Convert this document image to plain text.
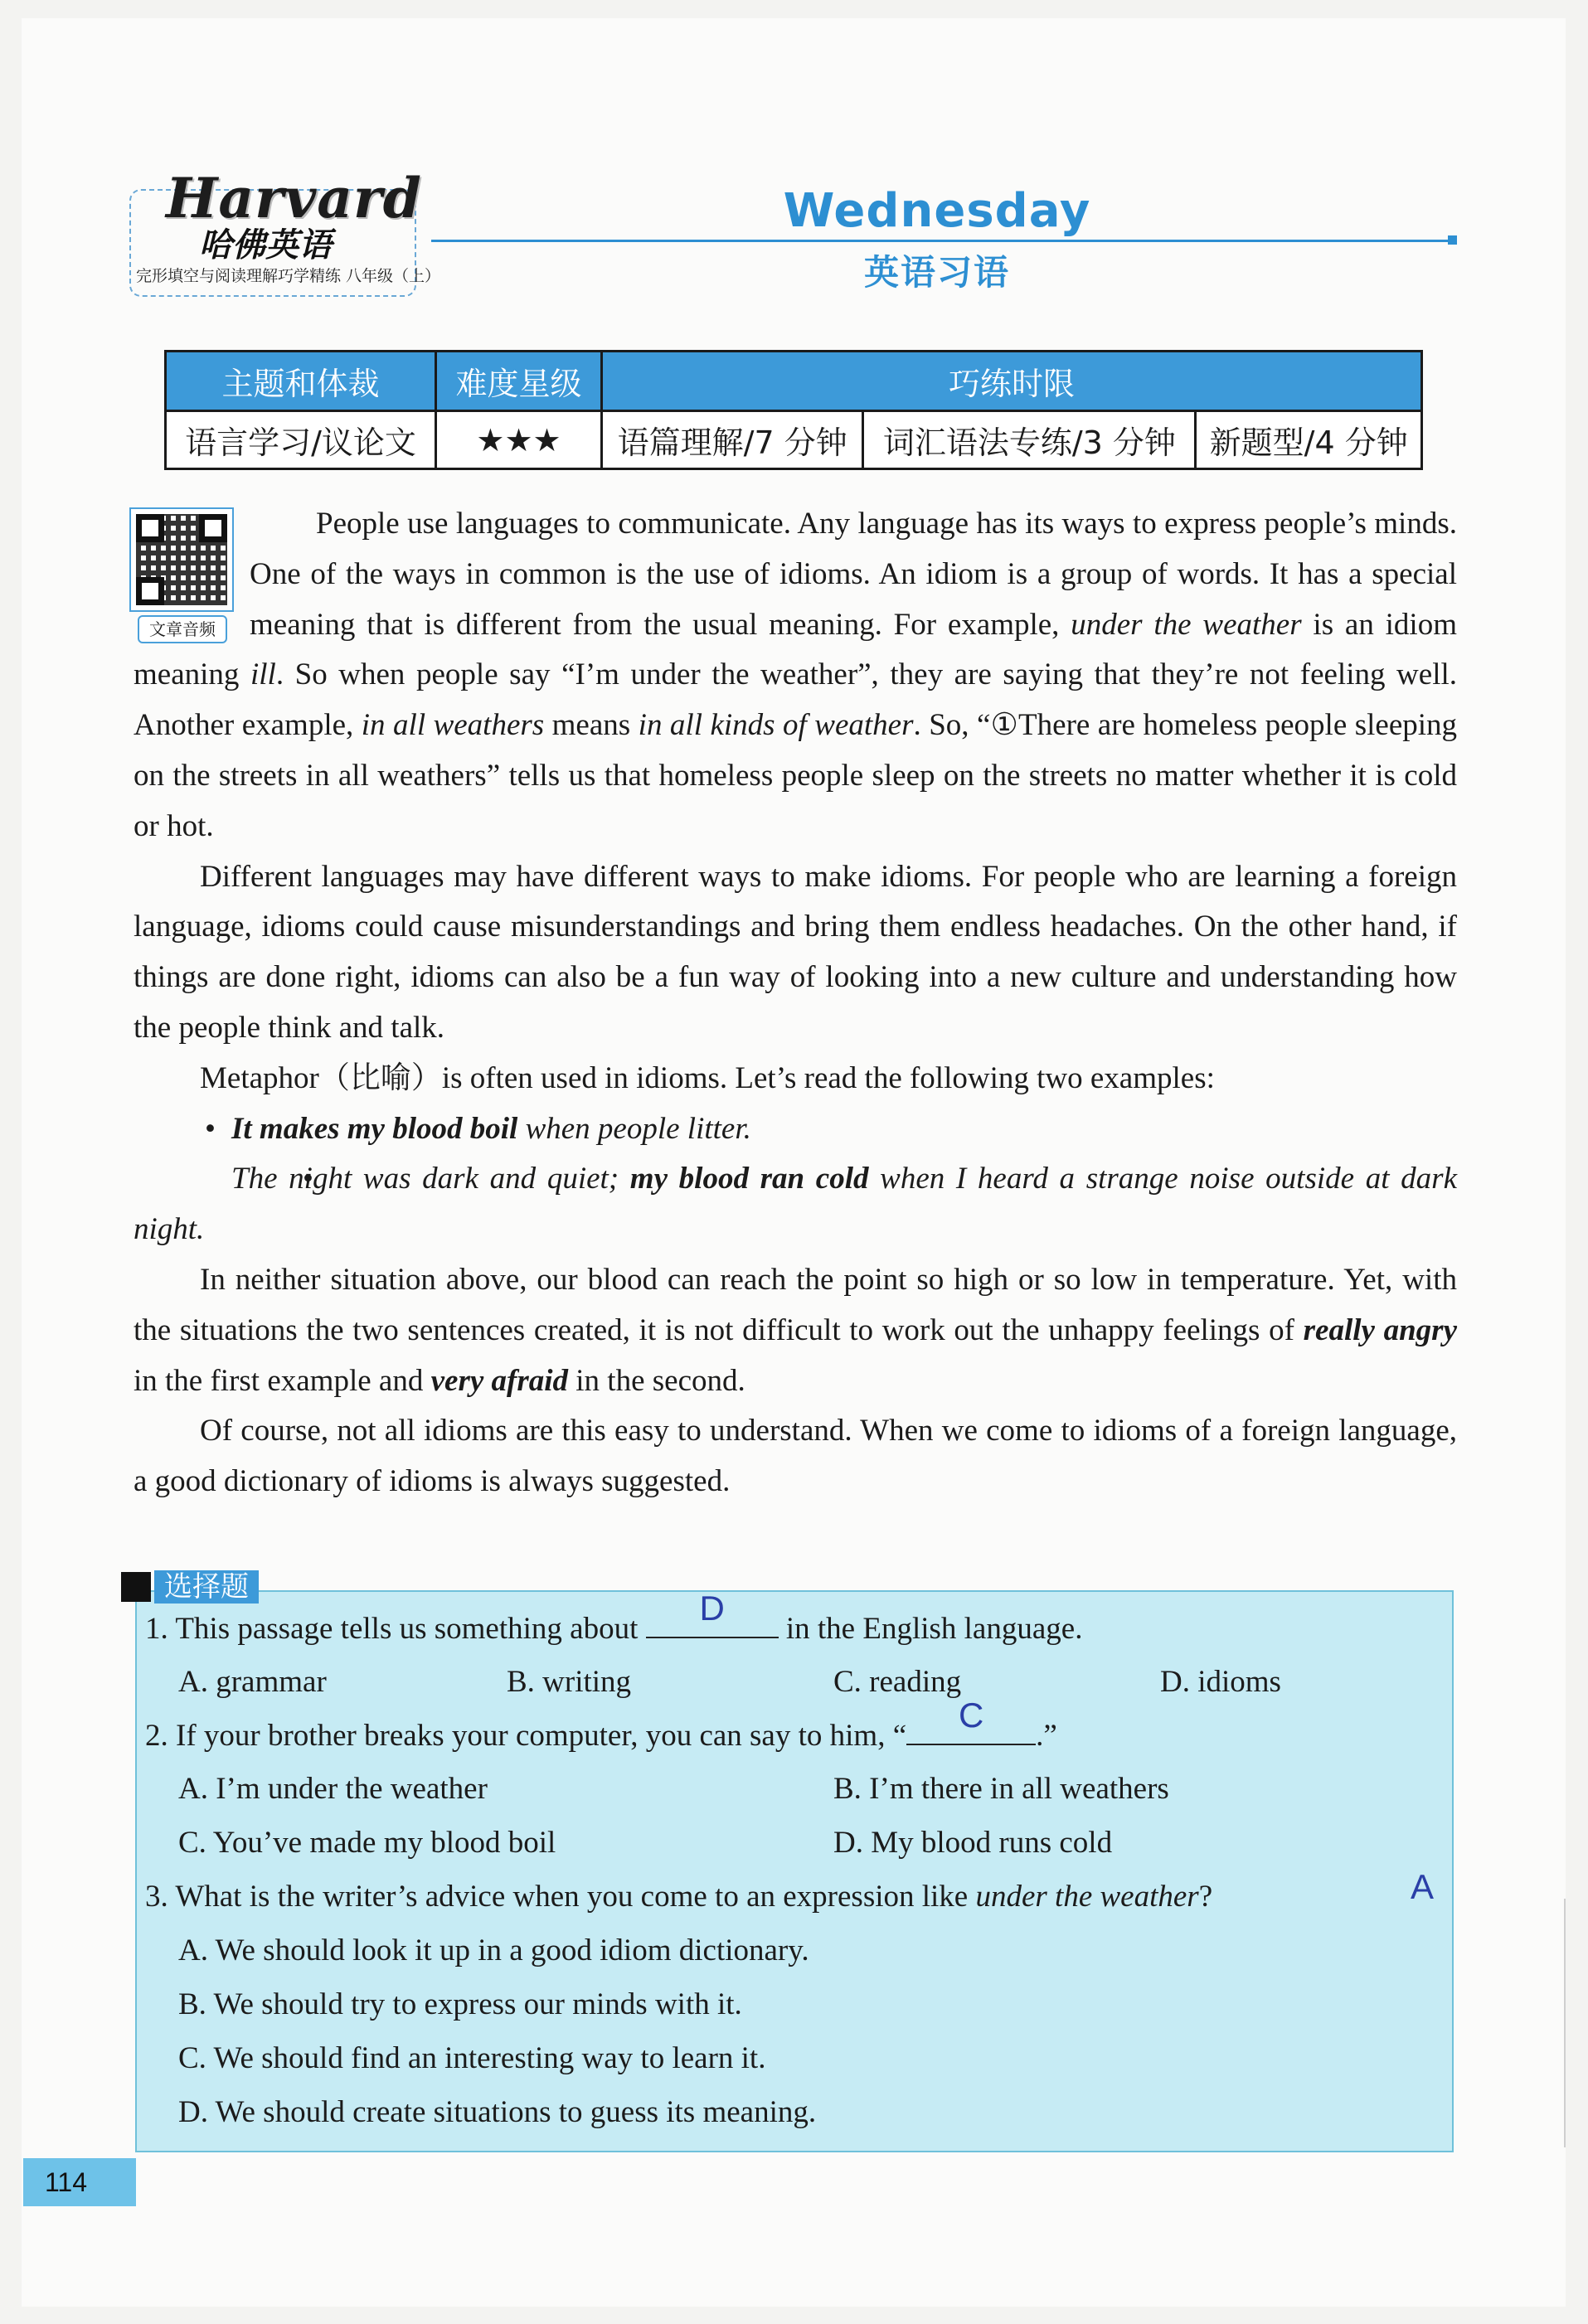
Harvard
哈佛英语
完形填空与阅读理解巧学精练 八年级（上）
Wednesday
英语习语
主题和体裁	难度星级	巧练时限		
语言学习/议论文	★★★	语篇理解/7 分钟	词汇语法专练/3 分钟	新题型/4 分钟
文章音频

People use languages to communicate. Any language has its ways to express people’s minds. One of the ways in common is the use of idioms. An idiom is a group of words. It has a special meaning that is different from the usual meaning. For example, under the weather is an idiom meaning ill. So when people say “I’m under the weather”, they are saying that they’re not feeling well. Another example, in all weathers means in all kinds of weather. So, “①There are homeless people sleeping on the streets in all weathers” tells us that homeless people sleep on the streets no matter whether it is cold or hot.

Different languages may have different ways to make idioms. For people who are learning a foreign language, idioms could cause misunderstandings and bring them endless headaches. On the other hand, if things are done right, idioms can also be a fun way of looking into a new culture and understanding how the people think and talk.

Metaphor（比喻）is often used in idioms. Let’s read the following two examples:

• It makes my blood boil when people litter.

• The night was dark and quiet; my blood ran cold when I heard a strange noise outside at dark night.

In neither situation above, our blood can reach the point so high or so low in temperature. Yet, with the situations the two sentences created, it is not difficult to work out the unhappy feelings of really angry in the first example and very afraid in the second.

Of course, not all idioms are this easy to understand. When we come to idioms of a foreign language, a good dictionary of idioms is always suggested.

1. This passage tells us something about
D
in the English language.
A. grammar	B. writing	C. reading	D. idioms
2. If your brother breaks your computer, you can say to him, “
C
.”
A. I’m under the weather	B. I’m there in all weathers
C. You’ve made my blood boil	D. My blood runs cold
3. What is the writer’s advice when you come to an expression like under the weather?	A
A. We should look it up in a good idiom dictionary.
B. We should try to express our minds with it.
C. We should find an interesting way to learn it.
D. We should create situations to guess its meaning.
选择题
114
